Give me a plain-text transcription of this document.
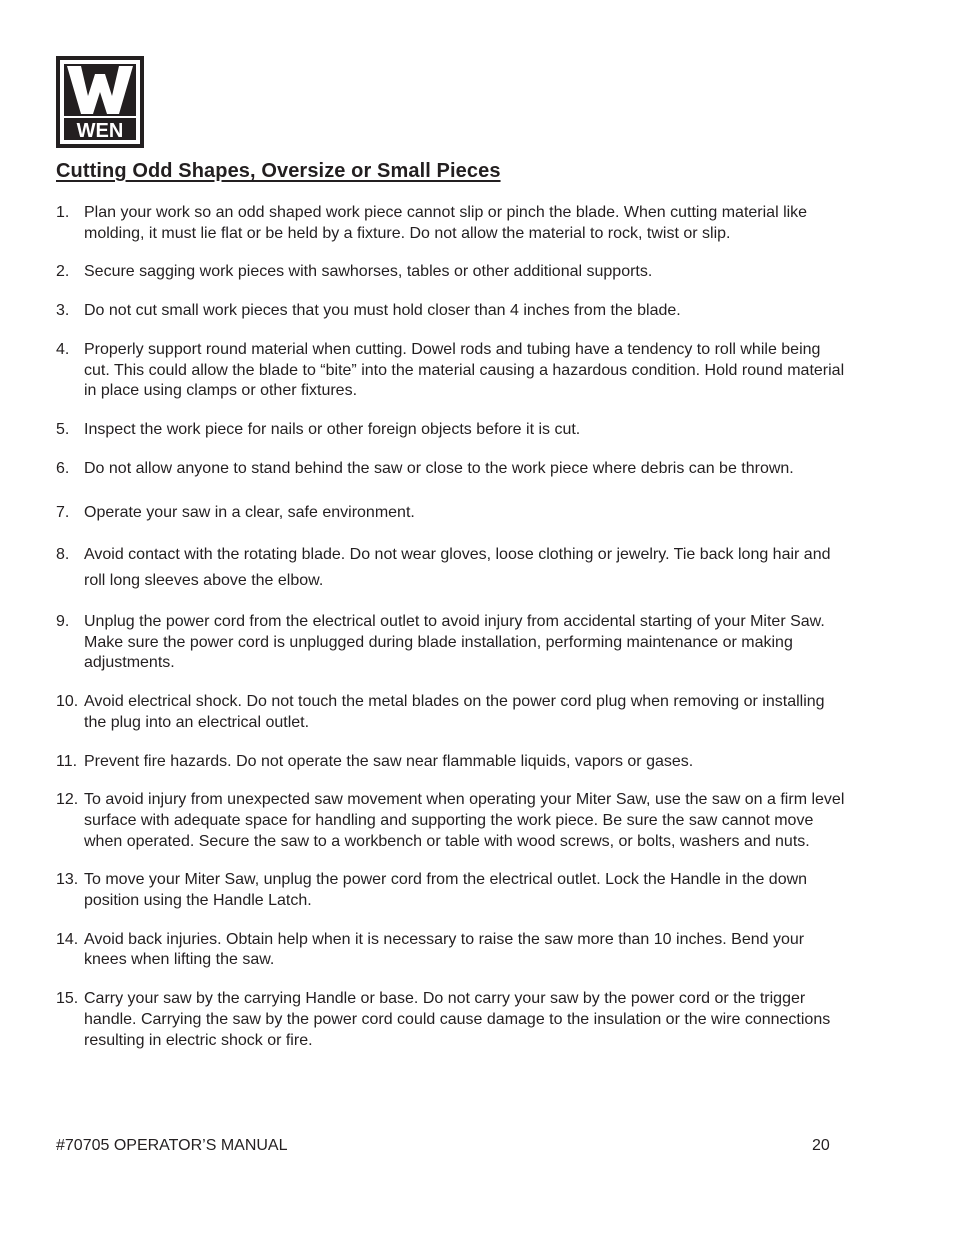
WEN
Cutting Odd Shapes, Oversize or Small Pieces
1. Plan your work so an odd shaped work piece cannot slip or pinch the blade. When cutting material like molding, it must lie flat or be held by a fixture. Do not allow the material to rock, twist or slip.
2. Secure sagging work pieces with sawhorses, tables or other additional supports.
3. Do not cut small work pieces that you must hold closer than 4 inches from the blade.
4. Properly support round material when cutting. Dowel rods and tubing have a tendency to roll while being cut. This could allow the blade to “bite” into the material causing a hazardous condition. Hold round material in place using clamps or other fixtures.
5. Inspect the work piece for nails or other foreign objects before it is cut.
6. Do not allow anyone to stand behind the saw or close to the work piece where debris can be thrown.
7. Operate your saw in a clear, safe environment.
8. Avoid contact with the rotating blade. Do not wear gloves, loose clothing or jewelry. Tie back long hair and roll long sleeves above the elbow.
9. Unplug the power cord from the electrical outlet to avoid injury from accidental starting of your Miter Saw. Make sure the power cord is unplugged during blade installation, performing maintenance or making adjustments.
10. Avoid electrical shock. Do not touch the metal blades on the power cord plug when removing or installing the plug into an electrical outlet.
11. Prevent fire hazards. Do not operate the saw near flammable liquids, vapors or gases.
12. To avoid injury from unexpected saw movement when operating your Miter Saw, use the saw on a firm level surface with adequate space for handling and supporting the work piece. Be sure the saw cannot move when operated. Secure the saw to a workbench or table with wood screws, or bolts, washers and nuts.
13. To move your Miter Saw, unplug the power cord from the electrical outlet. Lock the Handle in the down position using the Handle Latch.
14. Avoid back injuries. Obtain help when it is necessary to raise the saw more than 10 inches. Bend your knees when lifting the saw.
15. Carry your saw by the carrying Handle or base. Do not carry your saw by the power cord or the trigger handle. Carrying the saw by the power cord could cause damage to the insulation or the wire connections resulting in electric shock or fire.
#70705 OPERATOR’S MANUAL	20
